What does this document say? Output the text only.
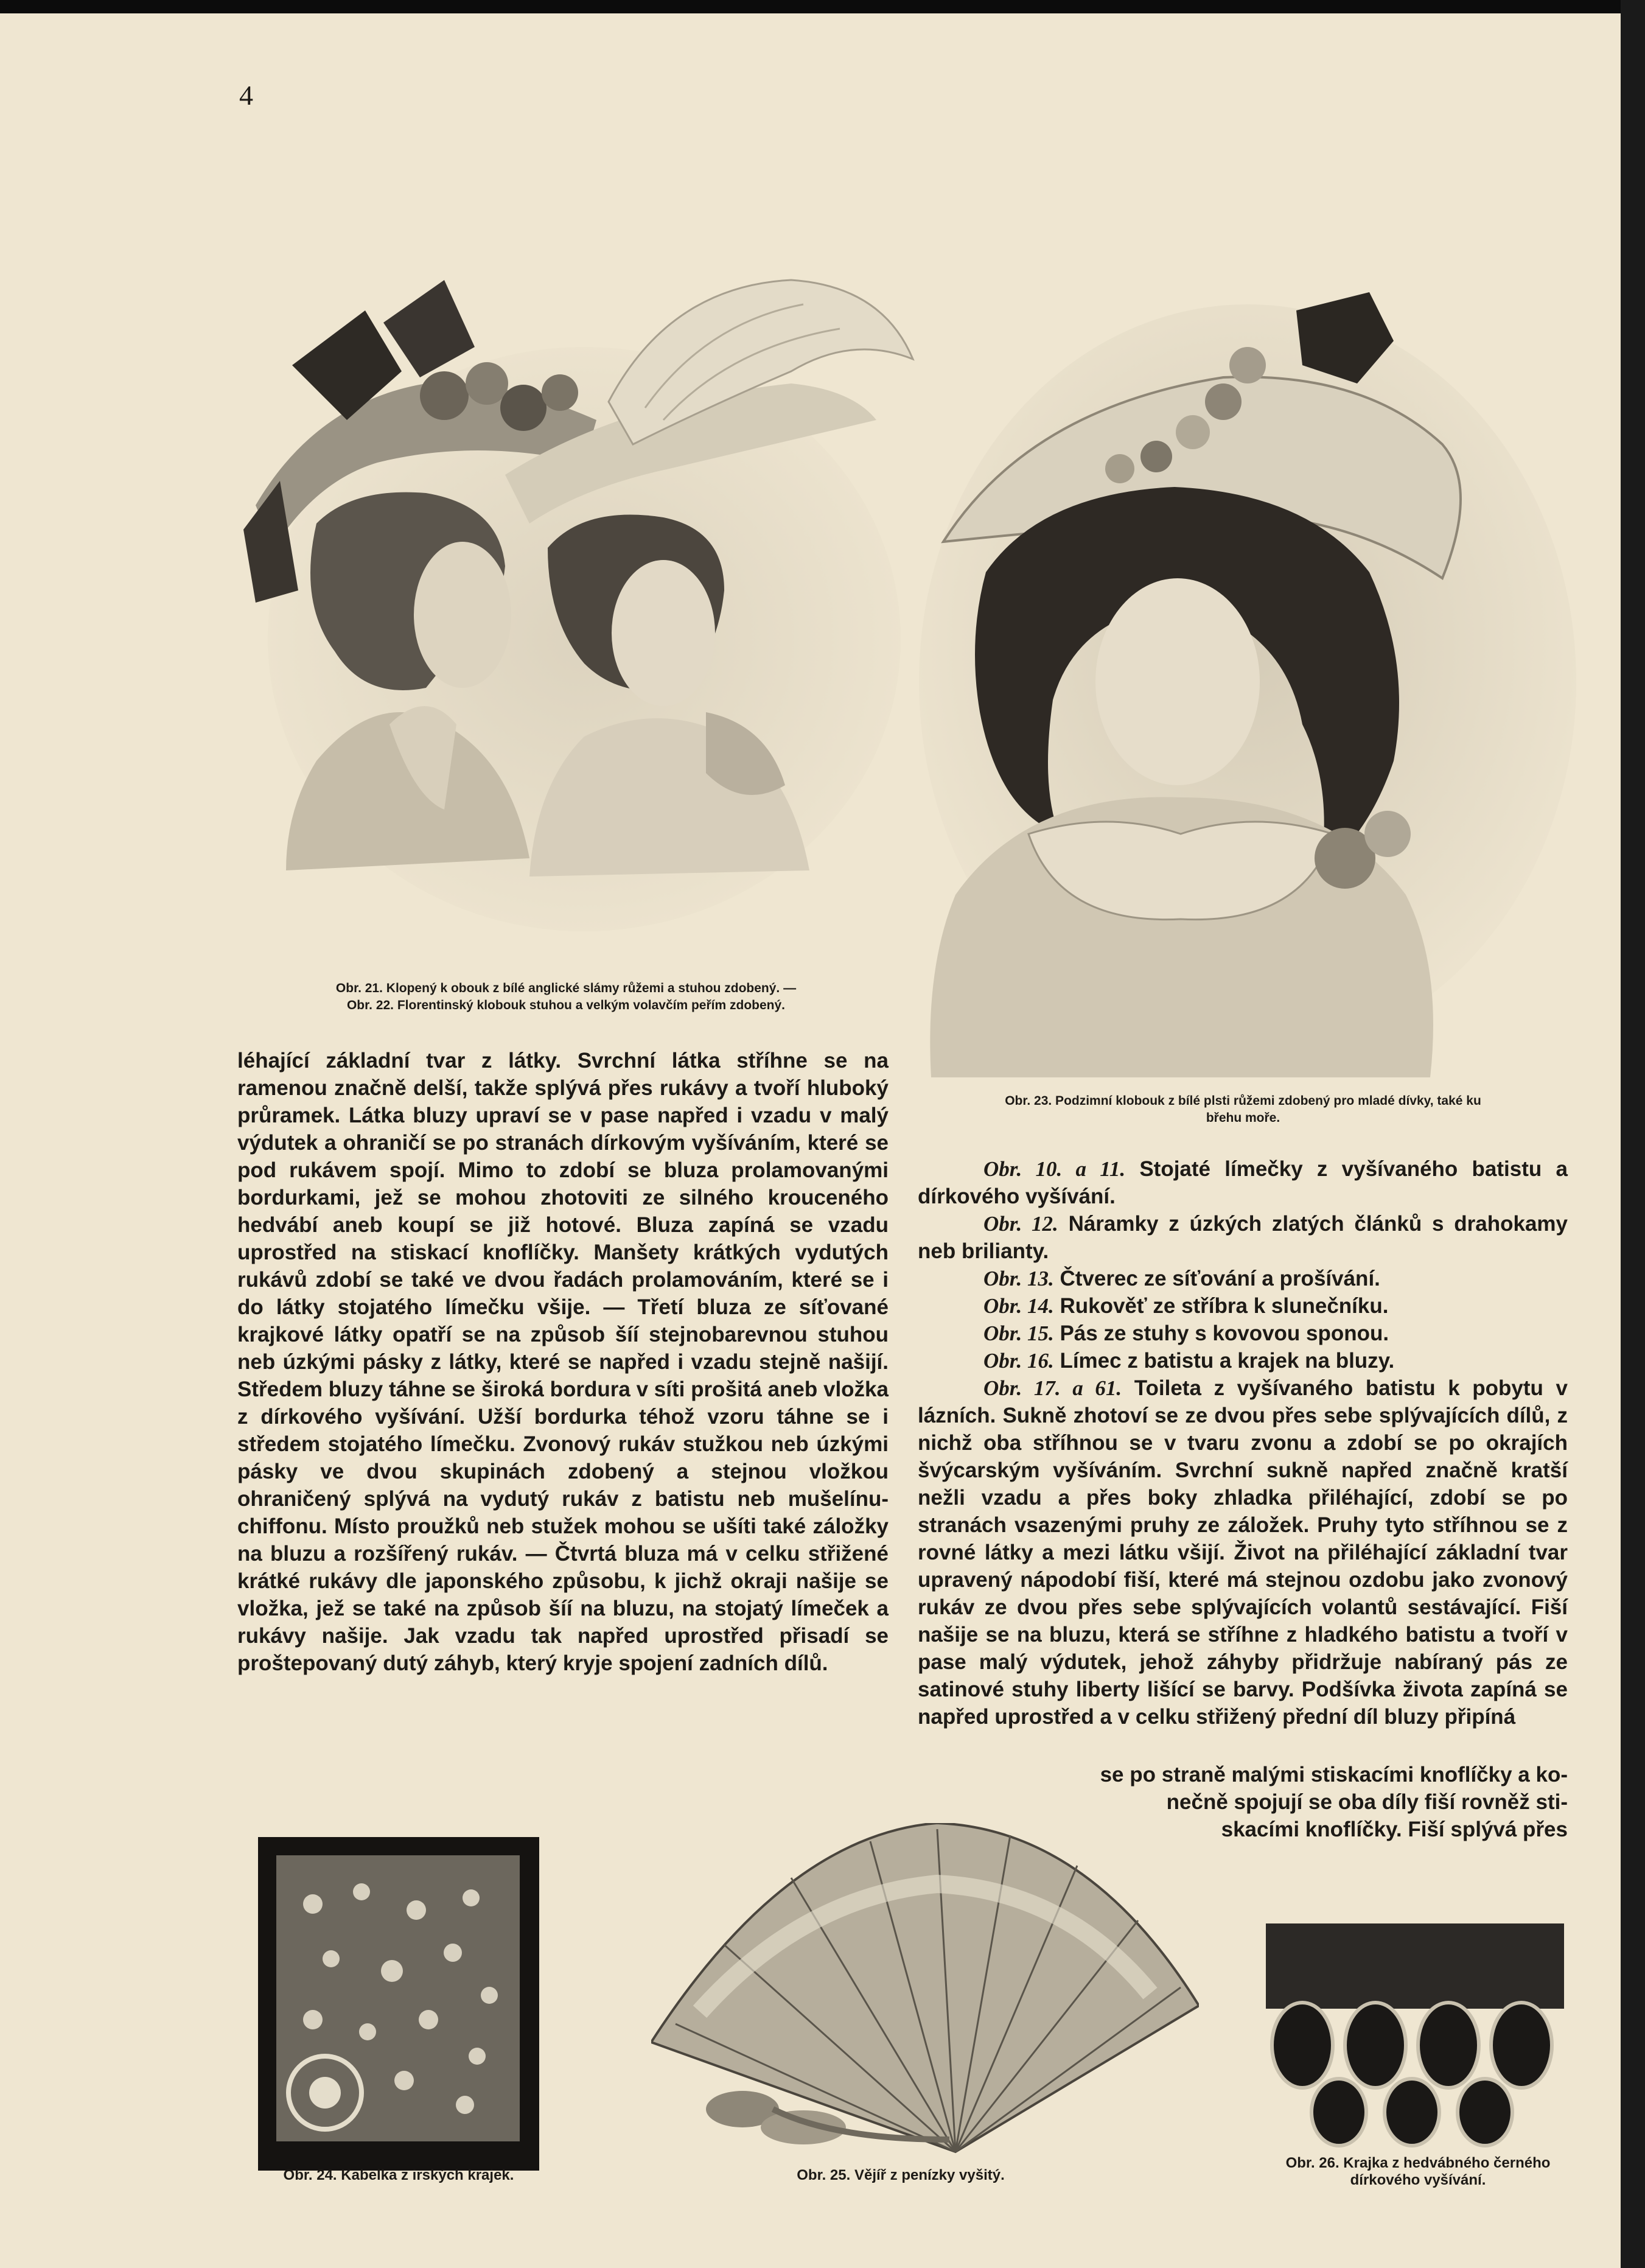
4
Obr. 21. Klopený k obouk z bílé anglické slámy růžemi a stuhou zdobený. —
Obr. 22. Florentinský klobouk stuhou a velkým volavčím peřím zdobený.
Obr. 23. Podzimní klobouk z bílé plsti růžemi zdobený pro mladé dívky, také ku
břehu moře.

léhající základní tvar z látky. Svrchní látka stříhne se na ramenou značně delší, takže splývá přes rukávy a tvoří hluboký průramek. Látka bluzy upraví se v pase napřed i vzadu v malý výdutek a ohraničí se po stranách dírkovým vyšíváním, které se pod rukávem spojí. Mimo to zdobí se bluza prolamovanými bordurkami, jež se mohou zhotoviti ze silného krouceného hedvábí aneb koupí se již hotové. Bluza zapíná se vzadu uprostřed na stiskací knoflíčky. Manšety krátkých vydutých rukávů zdobí se také ve dvou řadách prolamováním, které se i do látky stojatého límečku všije. — Třetí bluza ze síťované krajkové látky opatří se na způsob šíí stejnobarevnou stuhou neb úzkými pásky z látky, které se napřed i vzadu stejně našijí. Středem bluzy táhne se široká bordura v síti prošitá aneb vložka z dírkového vyšívání. Užší bordurka téhož vzoru táhne se i středem stojatého límečku. Zvonový rukáv stužkou neb úzkými pásky ve dvou skupinách zdobený a stejnou vložkou ohraničený splývá na vydutý rukáv z batistu neb mušelínu-chiffonu. Místo proužků neb stužek mohou se ušíti také záložky na bluzu a rozšířený rukáv. — Čtvrtá bluza má v celku střižené krátké rukávy dle japonského způsobu, k jichž okraji našije se vložka, jež se také na způsob šíí na bluzu, na stojatý límeček a rukávy našije. Jak vzadu tak napřed uprostřed přisadí se proštepovaný dutý záhyb, který kryje spojení zadních dílů.

Obr. 10. a 11. Stojaté límečky z vyšívaného batistu a dírkového vyšívání.
Obr. 12. Náramky z úzkých zlatých článků s drahokamy neb brilianty.
Obr. 13. Čtverec ze síťování a prošívání.
Obr. 14. Rukověť ze stříbra k slunečníku.
Obr. 15. Pás ze stuhy s kovovou sponou.
Obr. 16. Límec z batistu a krajek na bluzy.
Obr. 17. a 61. Toileta z vyšívaného batistu k pobytu v lázních. Sukně zhotoví se ze dvou přes sebe splývajících dílů, z nichž oba stříhnou se v tvaru zvonu a zdobí se po okrajích švýcarským vyšíváním. Svrchní sukně napřed značně kratší nežli vzadu a přes boky zhladka přiléhající, zdobí se po stranách vsazenými pruhy ze záložek. Pruhy tyto stříhnou se z rovné látky a mezi látku všijí. Život na přiléhající základní tvar upravený nápodobí fiší, které má stejnou ozdobu jako zvonový rukáv ze dvou přes sebe splývajících volantů sestávající. Fiší našije se na bluzu, která se stříhne z hladkého batistu a tvoří v pase malý výdutek, jehož záhyby přidržuje nabíraný pás ze satinové stuhy liberty lišící se barvy. Podšívka života zapíná se napřed uprostřed a v celku střižený přední díl bluzy připíná
se po straně malými stiskacími knoflíčky a ko-
nečně spojují se oba díly fiší rovněž sti-
skacími knoflíčky. Fiší splývá přes
Obr. 24. Kabelka z irských krajek.	Obr. 25. Vějíř z penízky vyšitý.
Obr. 26. Krajka z hedvábného černého
dírkového vyšívání.
